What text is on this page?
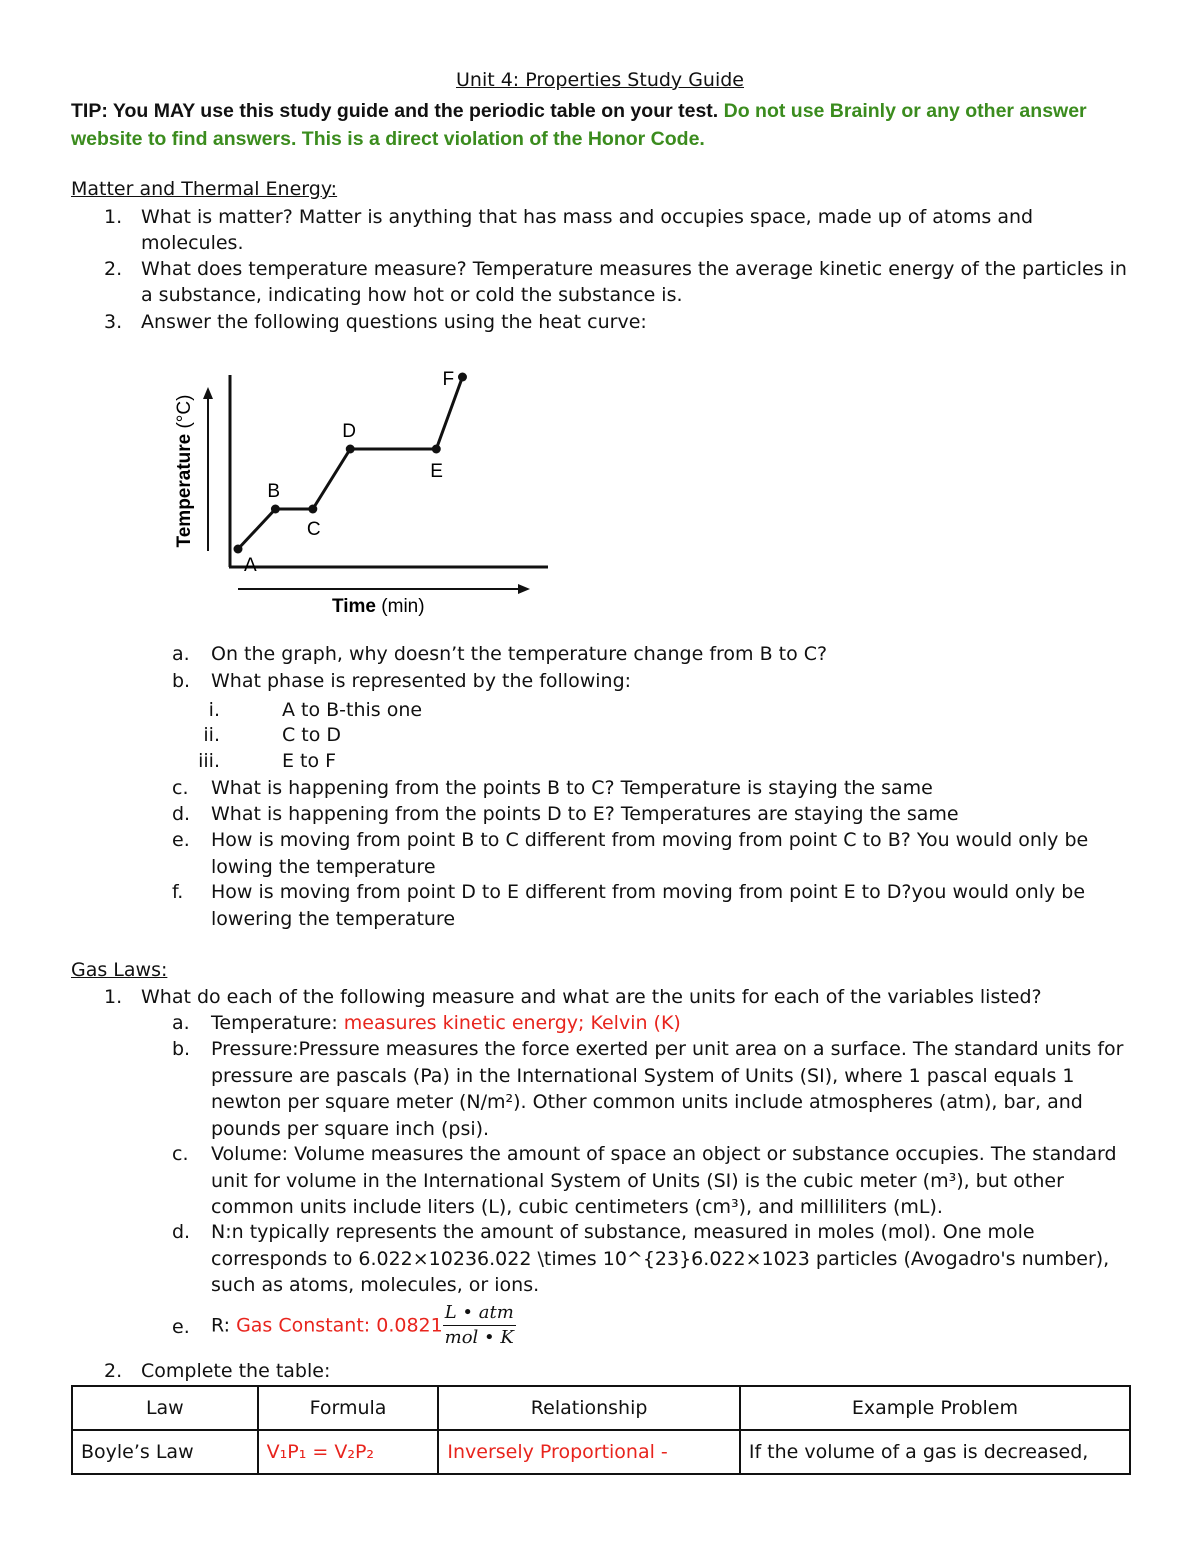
Unit 4: Properties Study Guide
TIP: You MAY use this study guide and the periodic table on your test. Do not use Brainly or any other answer website to find answers. This is a direct violation of the Honor Code.
Matter and Thermal Energy:
1. What is matter? Matter is anything that has mass and occupies space, made up of atoms and molecules.
2. What does temperature measure? Temperature measures the average kinetic energy of the particles in a substance, indicating how hot or cold the substance is.
3. Answer the following questions using the heat curve:
Time (min)
Temperature (°C)
A
B
C
D
E
F
a. On the graph, why doesn’t the temperature change from B to C?
b. What phase is represented by the following:
i.	A to B-this one
ii.	C to D
iii.	E to F
c. What is happening from the points B to C? Temperature is staying the same
d. What is happening from the points D to E? Temperatures are staying the same
e. How is moving from point B to C different from moving from point C to B? You would only be lowing the temperature
f. How is moving from point D to E different from moving from point E to D?you would only be lowering the temperature
Gas Laws:
1. What do each of the following measure and what are the units for each of the variables listed?
a. Temperature: measures kinetic energy; Kelvin (K)
b. Pressure:Pressure measures the force exerted per unit area on a surface. The standard units for pressure are pascals (Pa) in the International System of Units (SI), where 1 pascal equals 1 newton per square meter (N/m²). Other common units include atmospheres (atm), bar, and pounds per square inch (psi).
c. Volume: Volume measures the amount of space an object or substance occupies. The standard unit for volume in the International System of Units (SI) is the cubic meter (m³), but other common units include liters (L), cubic centimeters (cm³), and milliliters (mL).
d. N:n typically represents the amount of substance, measured in moles (mol). One mole corresponds to 6.022×10236.022 \times 10^{23}6.022×1023 particles (Avogadro's number), such as atoms, molecules, or ions.
e. R: Gas Constant: $0.0821 \frac{\text{L • atm}}{\text{mol • K}}$
2. Complete the table:
Law	Formula	Relationship	Example Problem
Boyle’s Law	V₁P₁ = V₂P₂	Inversely Proportional -	If the volume of a gas is decreased,
